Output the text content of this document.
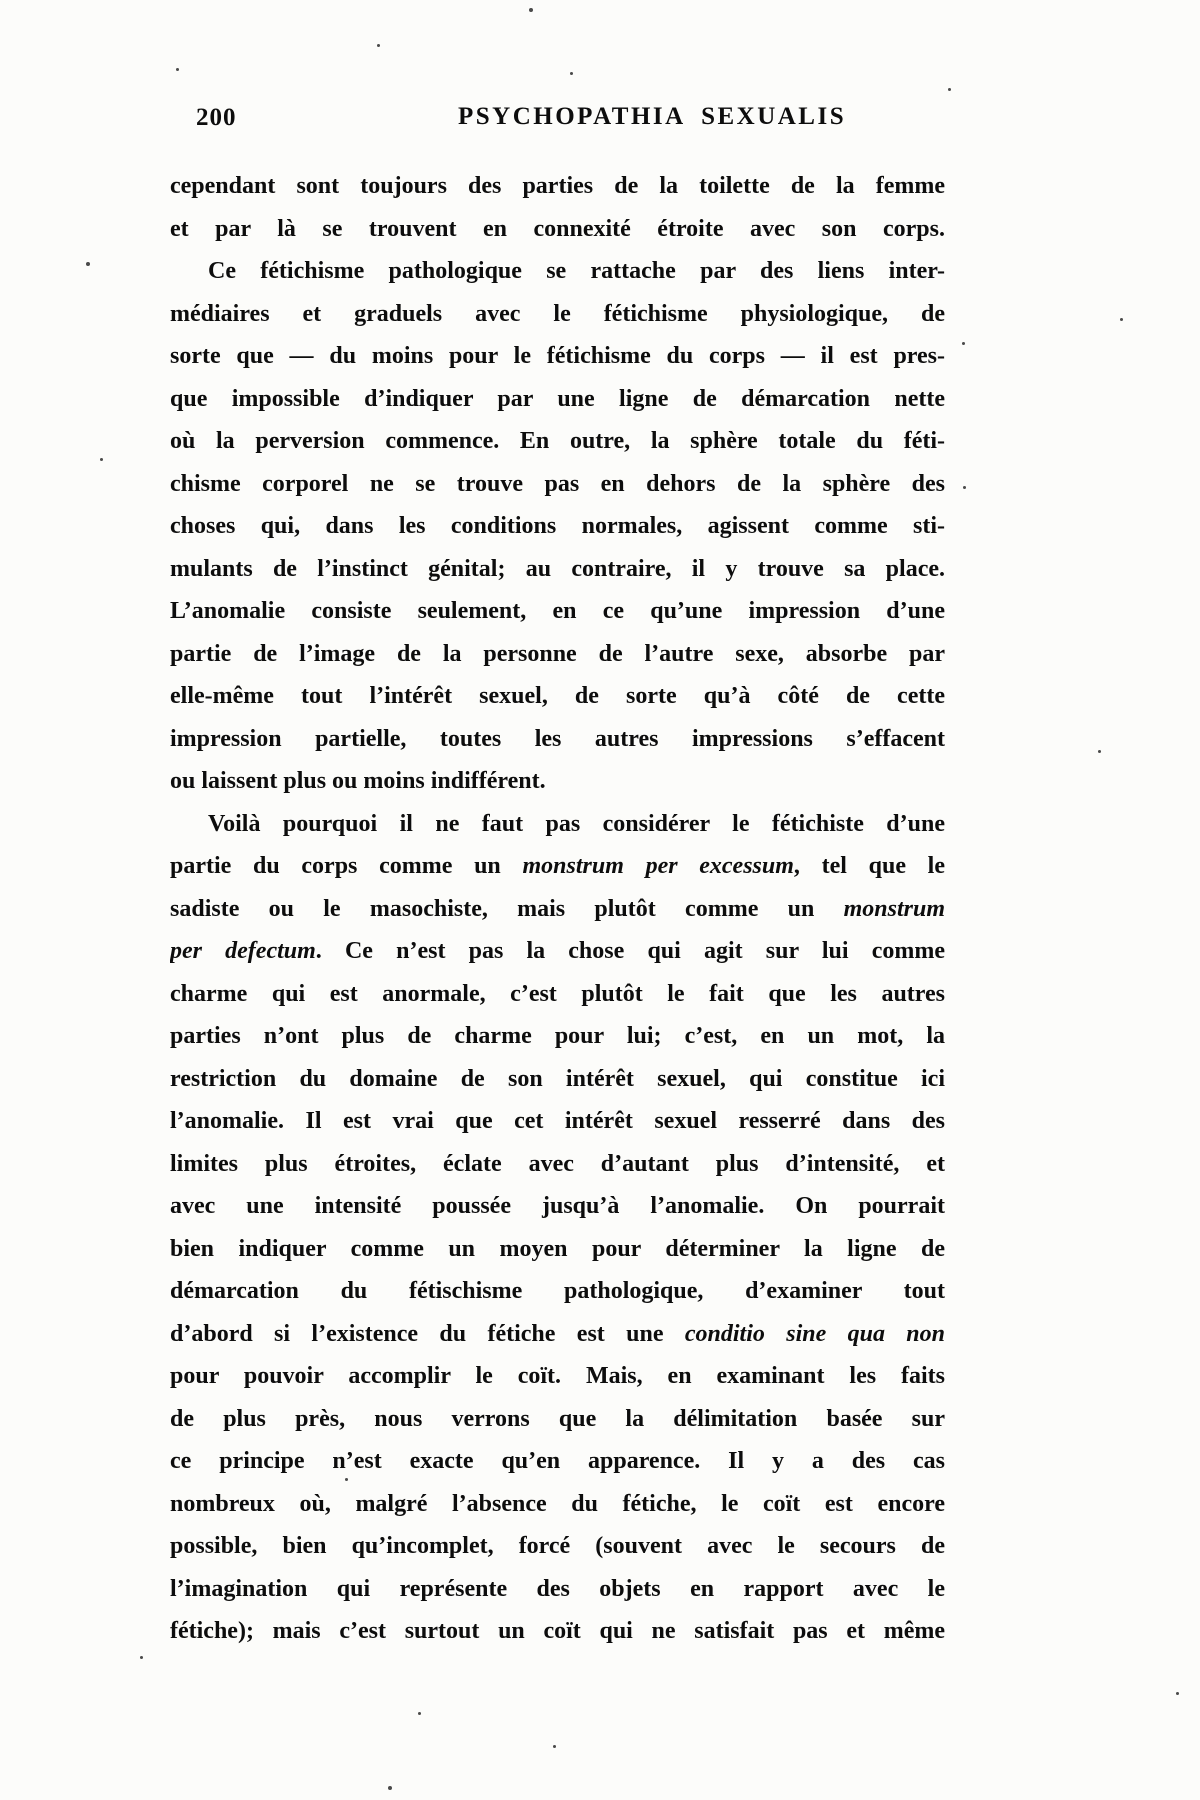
200	PSYCHOPATHIA SEXUALIS
cependant sont toujours des parties de la toilette de la femme
et par là se trouvent en connexité étroite avec son corps.
Ce fétichisme pathologique se rattache par des liens inter-
médiaires et graduels avec le fétichisme physiologique, de
sorte que — du moins pour le fétichisme du corps — il est pres-
que impossible d’indiquer par une ligne de démarcation nette
où la perversion commence. En outre, la sphère totale du féti-
chisme corporel ne se trouve pas en dehors de la sphère des
choses qui, dans les conditions normales, agissent comme sti-
mulants de l’instinct génital; au contraire, il y trouve sa place.
L’anomalie consiste seulement, en ce qu’une impression d’une
partie de l’image de la personne de l’autre sexe, absorbe par
elle-même tout l’intérêt sexuel, de sorte qu’à côté de cette
impression partielle, toutes les autres impressions s’effacent
ou laissent plus ou moins indifférent.
Voilà pourquoi il ne faut pas considérer le fétichiste d’une
partie du corps comme un monstrum per excessum, tel que le
sadiste ou le masochiste, mais plutôt comme un monstrum
per defectum. Ce n’est pas la chose qui agit sur lui comme
charme qui est anormale, c’est plutôt le fait que les autres
parties n’ont plus de charme pour lui; c’est, en un mot, la
restriction du domaine de son intérêt sexuel, qui constitue ici
l’anomalie. Il est vrai que cet intérêt sexuel resserré dans des
limites plus étroites, éclate avec d’autant plus d’intensité, et
avec une intensité poussée jusqu’à l’anomalie. On pourrait
bien indiquer comme un moyen pour déterminer la ligne de
démarcation du fétischisme pathologique, d’examiner tout
d’abord si l’existence du fétiche est une conditio sine qua non
pour pouvoir accomplir le coït. Mais, en examinant les faits
de plus près, nous verrons que la délimitation basée sur
ce principe n’est exacte qu’en apparence. Il y a des cas
nombreux où, malgré l’absence du fétiche, le coït est encore
possible, bien qu’incomplet, forcé (souvent avec le secours de
l’imagination qui représente des objets en rapport avec le
fétiche); mais c’est surtout un coït qui ne satisfait pas et même
